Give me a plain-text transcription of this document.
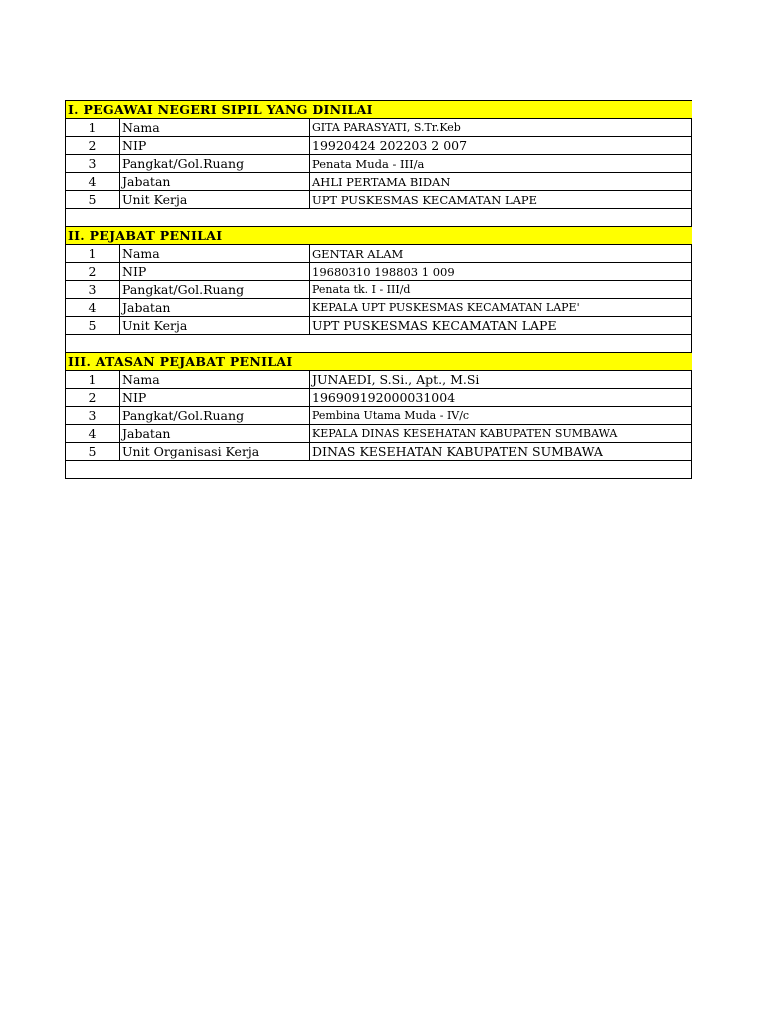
I. PEGAWAI NEGERI SIPIL YANG DINILAI		
1	Nama	GITA PARASYATI, S.Tr.Keb
2	NIP	19920424 202203 2 007
3	Pangkat/Gol.Ruang	Penata Muda - III/a
4	Jabatan	AHLI PERTAMA BIDAN
5	Unit Kerja	UPT PUSKESMAS KECAMATAN LAPE

II. PEJABAT PENILAI		
1	Nama	GENTAR ALAM
2	NIP	19680310 198803 1 009
3	Pangkat/Gol.Ruang	Penata tk. I - III/d
4	Jabatan	KEPALA UPT PUSKESMAS KECAMATAN LAPE'
5	Unit Kerja	UPT PUSKESMAS KECAMATAN LAPE

III. ATASAN PEJABAT PENILAI		
1	Nama	JUNAEDI, S.Si., Apt., M.Si
2	NIP	196909192000031004
3	Pangkat/Gol.Ruang	Pembina Utama Muda - IV/c
4	Jabatan	KEPALA DINAS KESEHATAN KABUPATEN SUMBAWA
5	Unit Organisasi Kerja	DINAS KESEHATAN KABUPATEN SUMBAWA
